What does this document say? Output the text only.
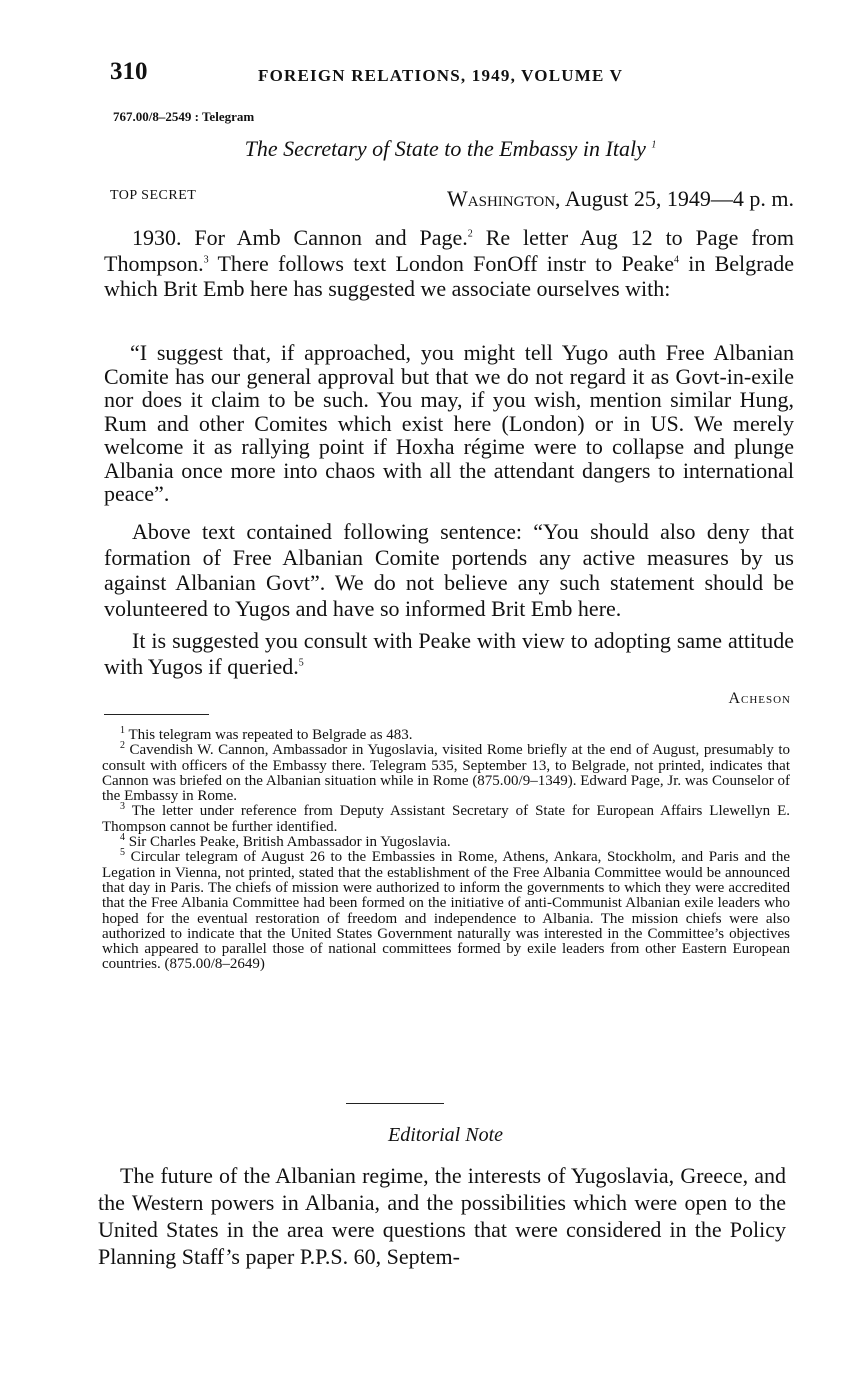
310	FOREIGN RELATIONS, 1949, VOLUME V
767.00/8–2549 : Telegram
The Secretary of State to the Embassy in Italy $^1$
TOP SECRET	Washington, August 25, 1949—4 p. m.

1930. For Amb Cannon and Page.$^2$ Re letter Aug 12 to Page from Thompson.$^3$ There follows text London FonOff instr to Peake$^4$ in Belgrade which Brit Emb here has suggested we associate ourselves with:

“I suggest that, if approached, you might tell Yugo auth Free Albanian Comite has our general approval but that we do not regard it as Govt-in-exile nor does it claim to be such. You may, if you wish, mention similar Hung, Rum and other Comites which exist here (London) or in US. We merely welcome it as rallying point if Hoxha régime were to collapse and plunge Albania once more into chaos with all the attendant dangers to international peace”.

Above text contained following sentence: “You should also deny that formation of Free Albanian Comite portends any active measures by us against Albanian Govt”. We do not believe any such statement should be volunteered to Yugos and have so informed Brit Emb here.

It is suggested you consult with Peake with view to adopting same attitude with Yugos if queried.$^5$

Acheson

$^1$ This telegram was repeated to Belgrade as 483.

$^2$ Cavendish W. Cannon, Ambassador in Yugoslavia, visited Rome briefly at the end of August, presumably to consult with officers of the Embassy there. Telegram 535, September 13, to Belgrade, not printed, indicates that Cannon was briefed on the Albanian situation while in Rome (875.00/9–1349). Edward Page, Jr. was Counselor of the Embassy in Rome.

$^3$ The letter under reference from Deputy Assistant Secretary of State for European Affairs Llewellyn E. Thompson cannot be further identified.

$^4$ Sir Charles Peake, British Ambassador in Yugoslavia.

$^5$ Circular telegram of August 26 to the Embassies in Rome, Athens, Ankara, Stockholm, and Paris and the Legation in Vienna, not printed, stated that the establishment of the Free Albania Committee would be announced that day in Paris. The chiefs of mission were authorized to inform the governments to which they were accredited that the Free Albania Committee had been formed on the initiative of anti-Communist Albanian exile leaders who hoped for the eventual restoration of freedom and independence to Albania. The mission chiefs were also authorized to indicate that the United States Government naturally was interested in the Committee’s objectives which appeared to parallel those of national committees formed by exile leaders from other Eastern European countries. (875.00/8–2649)

Editorial Note

The future of the Albanian regime, the interests of Yugoslavia, Greece, and the Western powers in Albania, and the possibilities which were open to the United States in the area were questions that were considered in the Policy Planning Staff’s paper P.P.S. 60, Septem-
